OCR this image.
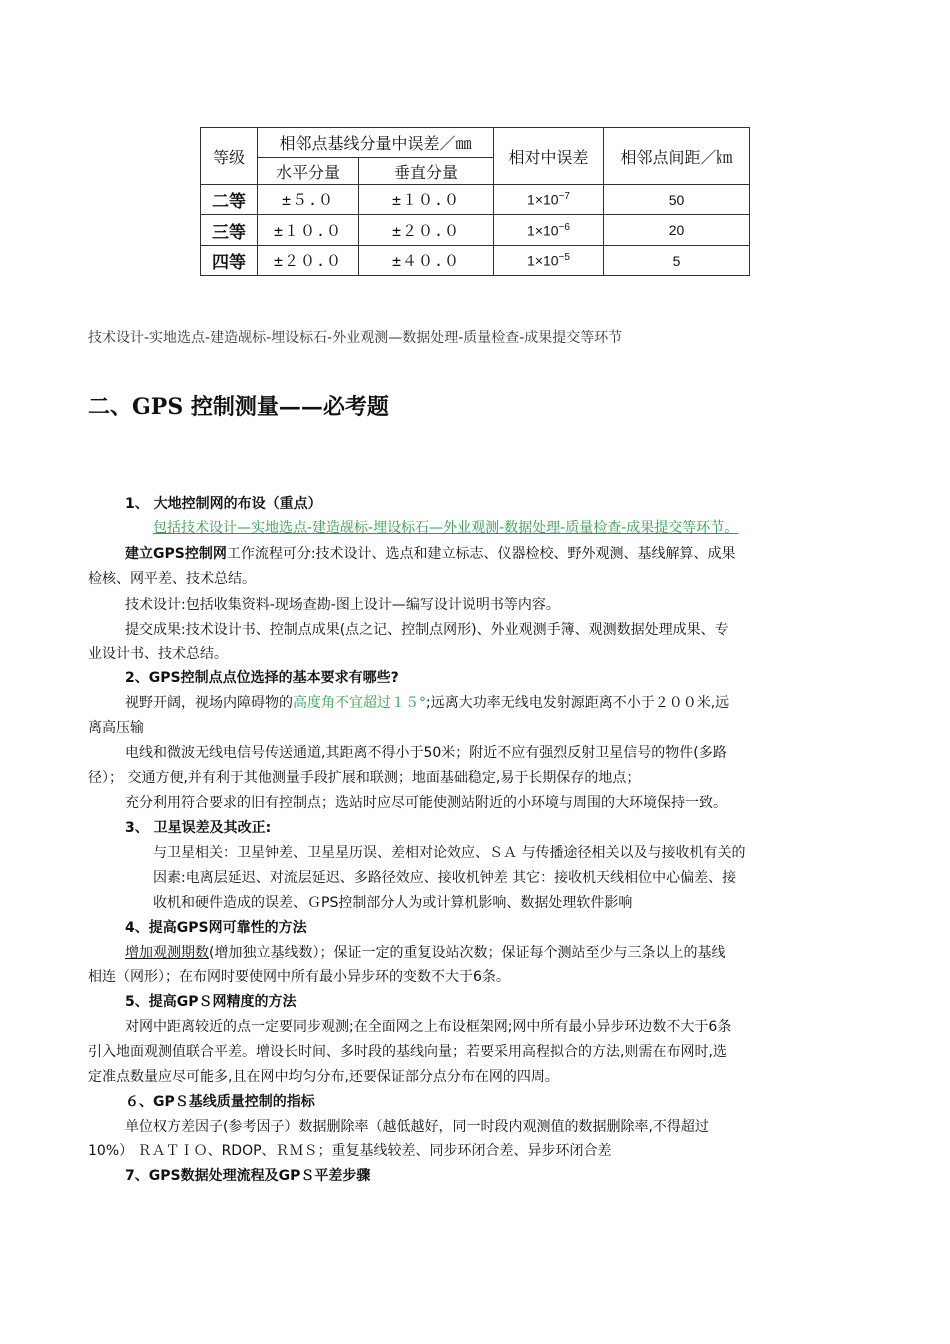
等级	相邻点基线分量中误差／㎜		相对中误差	相邻点间距／㎞
	水平分量	垂直分量		
二等	±５.０	±１０.０	$1\times 10^{-7}$	50
三等	±１０.０	±２０.０	$1\times 10^{-6}$	20
四等	±２０.０	±４０.０	$1\times 10^{-5}$	5
技术设计-实地选点-建造觇标-埋设标石-外业观测—数据处理-质量检查-成果提交等环节
二、GPS 控制测量——必考题
1、 大地控制网的布设（重点）
包括技术设计—实地选点-建造觇标-埋设标石—外业观测-数据处理-质量检查-成果提交等环节。
建立GPS控制网工作流程可分:技术设计、选点和建立标志、仪器检校、野外观测、基线解算、成果
检核、网平差、技术总结。
技术设计:包括收集资料-现场查勘-图上设计—编写设计说明书等内容。
提交成果:技术设计书、控制点成果(点之记、控制点网形)、外业观测手簿、观测数据处理成果、专
业设计书、技术总结。
2、GPS控制点点位选择的基本要求有哪些?
视野开阔，视场内障碍物的高度角不宜超过１５°;远离大功率无线电发射源距离不小于２００米,远
离高压输
电线和微波无线电信号传送通道,其距离不得小于50米；附近不应有强烈反射卫星信号的物件(多路
径）； 交通方便,并有利于其他测量手段扩展和联测；地面基础稳定,易于长期保存的地点；
充分利用符合要求的旧有控制点；选站时应尽可能使测站附近的小环境与周围的大环境保持一致。
3、 卫星误差及其改正:
与卫星相关：卫星钟差、卫星星历误、差相对论效应、ＳＡ 与传播途径相关以及与接收机有关的
因素:电离层延迟、对流层延迟、多路径效应、接收机钟差 其它：接收机天线相位中心偏差、接
收机和硬件造成的误差、ＧPS控制部分人为或计算机影响、数据处理软件影响
4、提高GPS网可靠性的方法
增加观测期数(增加独立基线数）；保证一定的重复设站次数；保证每个测站至少与三条以上的基线
相连（网形）；在布网时要使网中所有最小异步环的变数不大于6条。
5、提高GPＳ网精度的方法
对网中距离较近的点一定要同步观测;在全面网之上布设框架网;网中所有最小异步环边数不大于6条
引入地面观测值联合平差。增设长时间、多时段的基线向量；若要采用高程拟合的方法,则需在布网时,选
定准点数量应尽可能多,且在网中均匀分布,还要保证部分点分布在网的四周。
６、GPＳ基线质量控制的指标
单位权方差因子(参考因子）数据删除率（越低越好，同一时段内观测值的数据删除率,不得超过
10%） ＲＡＴＩＯ、RDOP、ＲＭＳ；重复基线较差、同步环闭合差、异步环闭合差
7、GPS数据处理流程及GPＳ平差步骤
